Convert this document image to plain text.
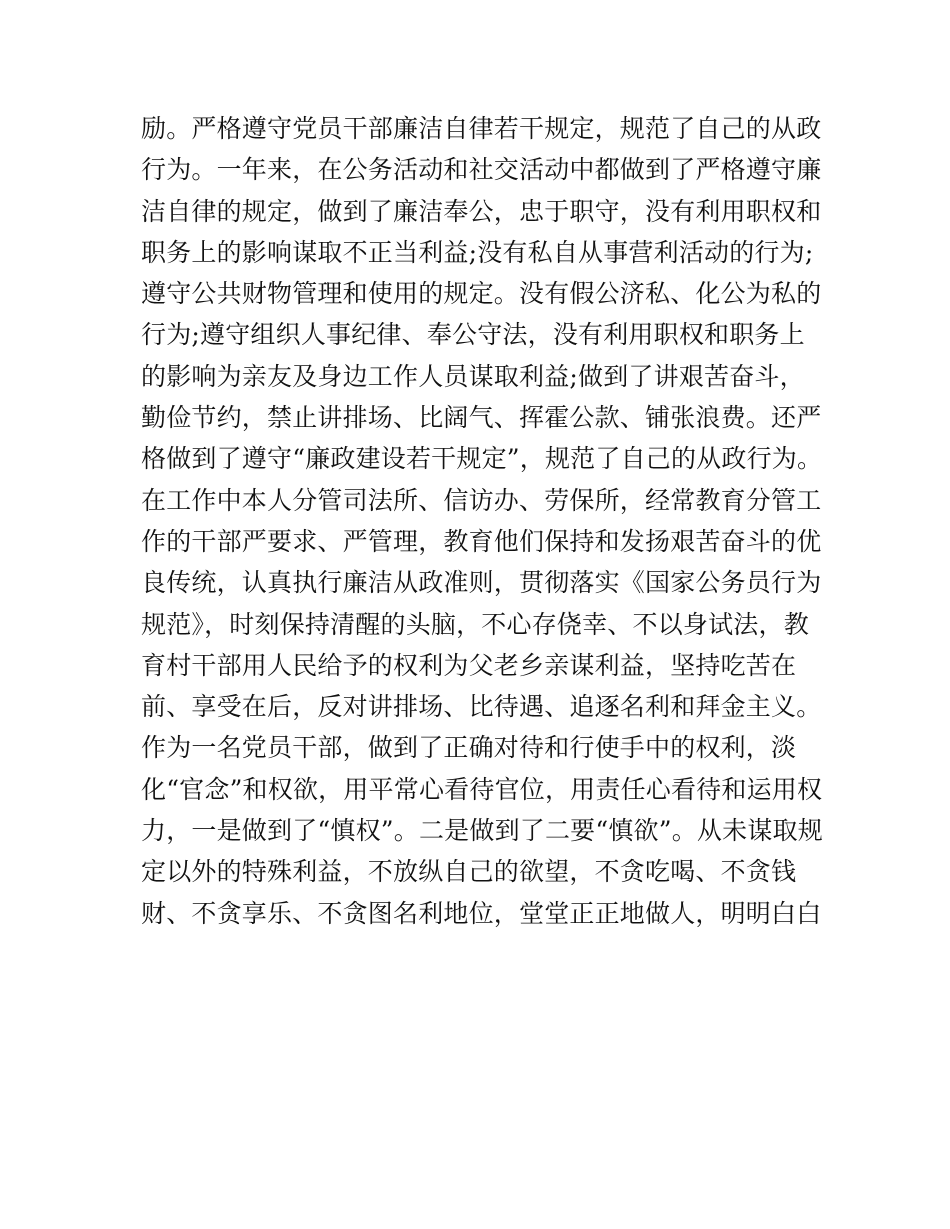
励。严格遵守党员干部廉洁自律若干规定，规范了自己的从政
行为。一年来，在公务活动和社交活动中都做到了严格遵守廉
洁自律的规定，做到了廉洁奉公，忠于职守，没有利用职权和
职务上的影响谋取不正当利益;没有私自从事营利活动的行为;
遵守公共财物管理和使用的规定。没有假公济私、化公为私的
行为;遵守组织人事纪律、奉公守法，没有利用职权和职务上
的影响为亲友及身边工作人员谋取利益;做到了讲艰苦奋斗，
勤俭节约，禁止讲排场、比阔气、挥霍公款、铺张浪费。还严
格做到了遵守“廉政建设若干规定”，规范了自己的从政行为。
在工作中本人分管司法所、信访办、劳保所，经常教育分管工
作的干部严要求、严管理，教育他们保持和发扬艰苦奋斗的优
良传统，认真执行廉洁从政准则，贯彻落实《国家公务员行为
规范》，时刻保持清醒的头脑，不心存侥幸、不以身试法，教
育村干部用人民给予的权利为父老乡亲谋利益，坚持吃苦在
前、享受在后，反对讲排场、比待遇、追逐名利和拜金主义。
作为一名党员干部，做到了正确对待和行使手中的权利，淡
化“官念”和权欲，用平常心看待官位，用责任心看待和运用权
力，一是做到了“慎权”。二是做到了二要“慎欲”。从未谋取规
定以外的特殊利益，不放纵自己的欲望，不贪吃喝、不贪钱
财、不贪享乐、不贪图名利地位，堂堂正正地做人，明明白白
